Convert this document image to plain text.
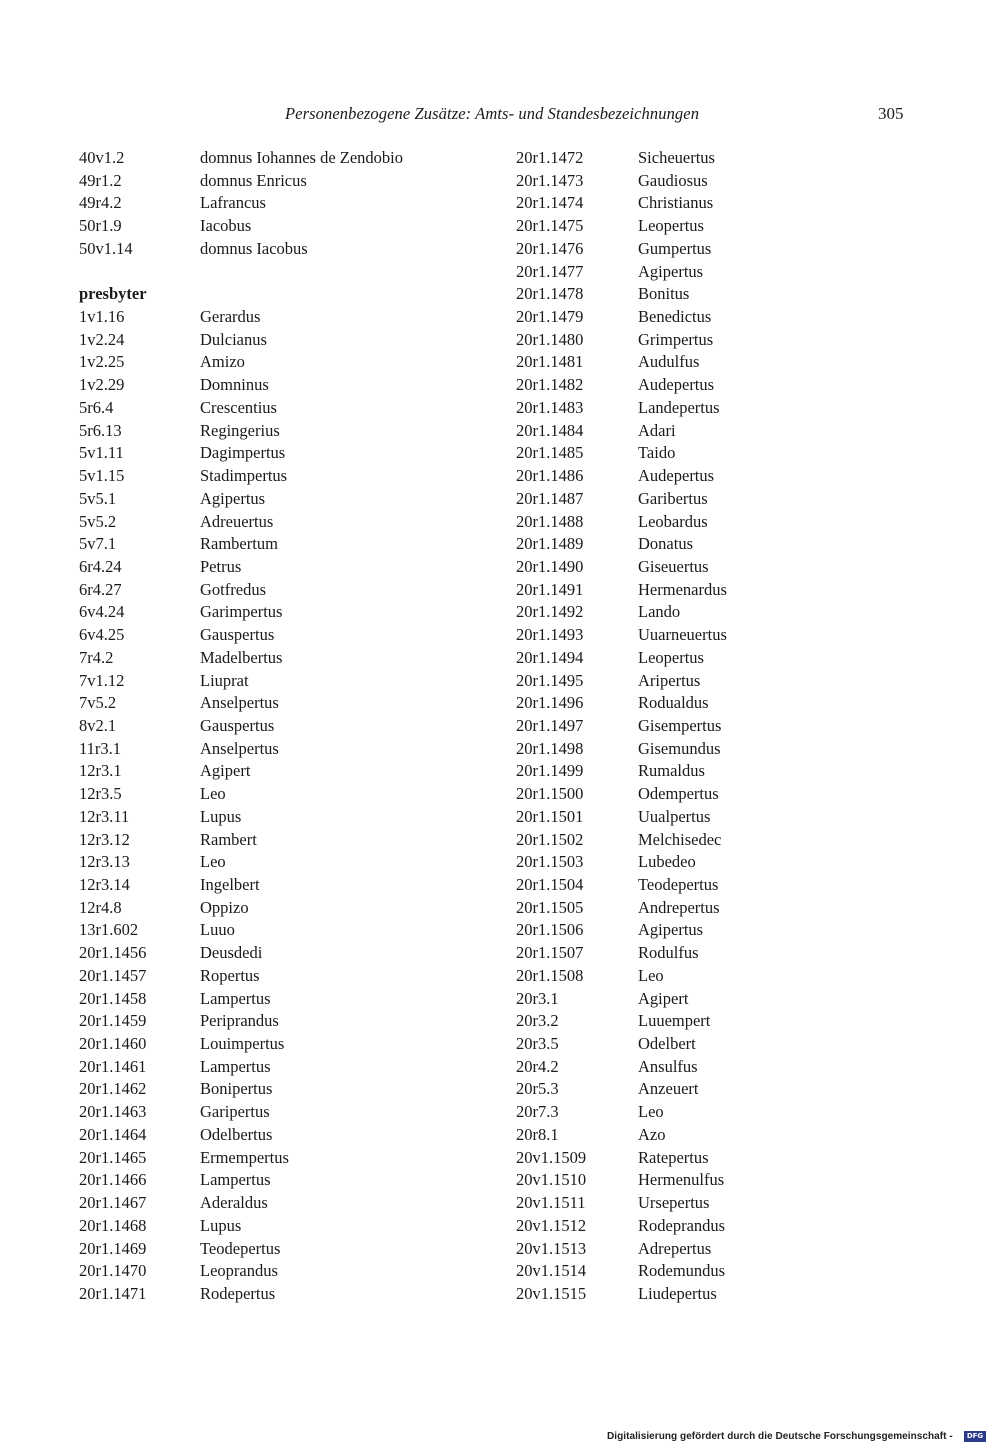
Personenbezogene Zusätze: Amts- und Standesbezeichnungen	305
40v1.2	domnus Iohannes de Zendobio
49r1.2	domnus Enricus
49r4.2	Lafrancus
50r1.9	Iacobus
50v1.14	domnus Iacobus
presbyter
1v1.16	Gerardus
1v2.24	Dulcianus
1v2.25	Amizo
1v2.29	Domninus
5r6.4	Crescentius
5r6.13	Regingerius
5v1.11	Dagimpertus
5v1.15	Stadimpertus
5v5.1	Agipertus
5v5.2	Adreuertus
5v7.1	Rambertum
6r4.24	Petrus
6r4.27	Gotfredus
6v4.24	Garimpertus
6v4.25	Gauspertus
7r4.2	Madelbertus
7v1.12	Liuprat
7v5.2	Anselpertus
8v2.1	Gauspertus
11r3.1	Anselpertus
12r3.1	Agipert
12r3.5	Leo
12r3.11	Lupus
12r3.12	Rambert
12r3.13	Leo
12r3.14	Ingelbert
12r4.8	Oppizo
13r1.602	Luuo
20r1.1456	Deusdedi
20r1.1457	Ropertus
20r1.1458	Lampertus
20r1.1459	Periprandus
20r1.1460	Louimpertus
20r1.1461	Lampertus
20r1.1462	Bonipertus
20r1.1463	Garipertus
20r1.1464	Odelbertus
20r1.1465	Ermempertus
20r1.1466	Lampertus
20r1.1467	Aderaldus
20r1.1468	Lupus
20r1.1469	Teodepertus
20r1.1470	Leoprandus
20r1.1471	Rodepertus
20r1.1472	Sicheuertus
20r1.1473	Gaudiosus
20r1.1474	Christianus
20r1.1475	Leopertus
20r1.1476	Gumpertus
20r1.1477	Agipertus
20r1.1478	Bonitus
20r1.1479	Benedictus
20r1.1480	Grimpertus
20r1.1481	Audulfus
20r1.1482	Audepertus
20r1.1483	Landepertus
20r1.1484	Adari
20r1.1485	Taido
20r1.1486	Audepertus
20r1.1487	Garibertus
20r1.1488	Leobardus
20r1.1489	Donatus
20r1.1490	Giseuertus
20r1.1491	Hermenardus
20r1.1492	Lando
20r1.1493	Uuarneuertus
20r1.1494	Leopertus
20r1.1495	Aripertus
20r1.1496	Rodualdus
20r1.1497	Gisempertus
20r1.1498	Gisemundus
20r1.1499	Rumaldus
20r1.1500	Odempertus
20r1.1501	Uualpertus
20r1.1502	Melchisedec
20r1.1503	Lubedeo
20r1.1504	Teodepertus
20r1.1505	Andrepertus
20r1.1506	Agipertus
20r1.1507	Rodulfus
20r1.1508	Leo
20r3.1	Agipert
20r3.2	Luuempert
20r3.5	Odelbert
20r4.2	Ansulfus
20r5.3	Anzeuert
20r7.3	Leo
20r8.1	Azo
20v1.1509	Ratepertus
20v1.1510	Hermenulfus
20v1.1511	Ursepertus
20v1.1512	Rodeprandus
20v1.1513	Adrepertus
20v1.1514	Rodemundus
20v1.1515	Liudepertus
Digitalisierung gefördert durch die Deutsche Forschungsgemeinschaft -	DFG
